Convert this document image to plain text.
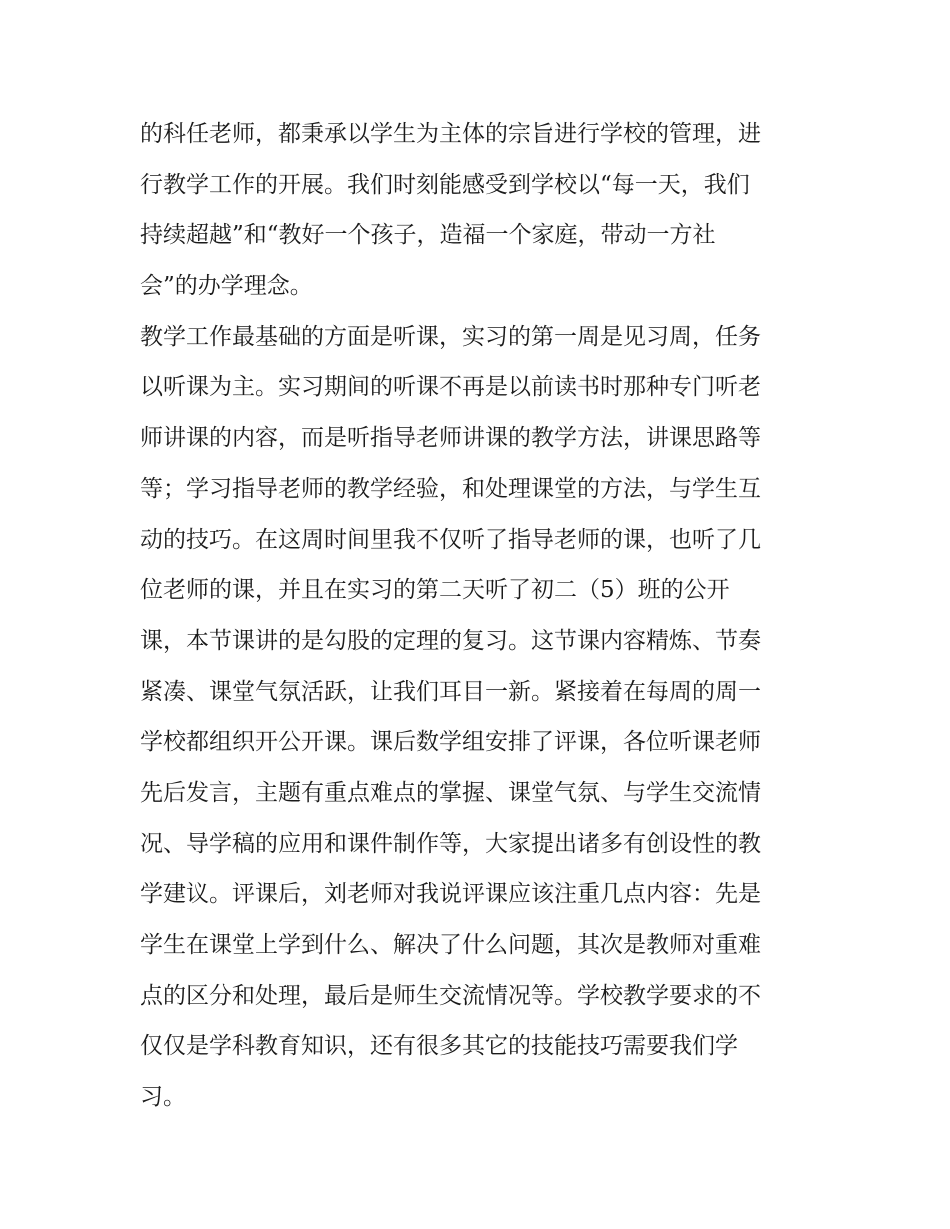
的科任老师，都秉承以学生为主体的宗旨进行学校的管理，进
行教学工作的开展。我们时刻能感受到学校以“每一天，我们
持续超越”和“教好一个孩子，造福一个家庭，带动一方社
会”的办学理念。
教学工作最基础的方面是听课，实习的第一周是见习周，任务
以听课为主。实习期间的听课不再是以前读书时那种专门听老
师讲课的内容，而是听指导老师讲课的教学方法，讲课思路等
等；学习指导老师的教学经验，和处理课堂的方法，与学生互
动的技巧。在这周时间里我不仅听了指导老师的课，也听了几
位老师的课，并且在实习的第二天听了初二（5）班的公开
课，本节课讲的是勾股的定理的复习。这节课内容精炼、节奏
紧凑、课堂气氛活跃，让我们耳目一新。紧接着在每周的周一
学校都组织开公开课。课后数学组安排了评课，各位听课老师
先后发言，主题有重点难点的掌握、课堂气氛、与学生交流情
况、导学稿的应用和课件制作等，大家提出诸多有创设性的教
学建议。评课后，刘老师对我说评课应该注重几点内容：先是
学生在课堂上学到什么、解决了什么问题，其次是教师对重难
点的区分和处理，最后是师生交流情况等。学校教学要求的不
仅仅是学科教育知识，还有很多其它的技能技巧需要我们学
习。
